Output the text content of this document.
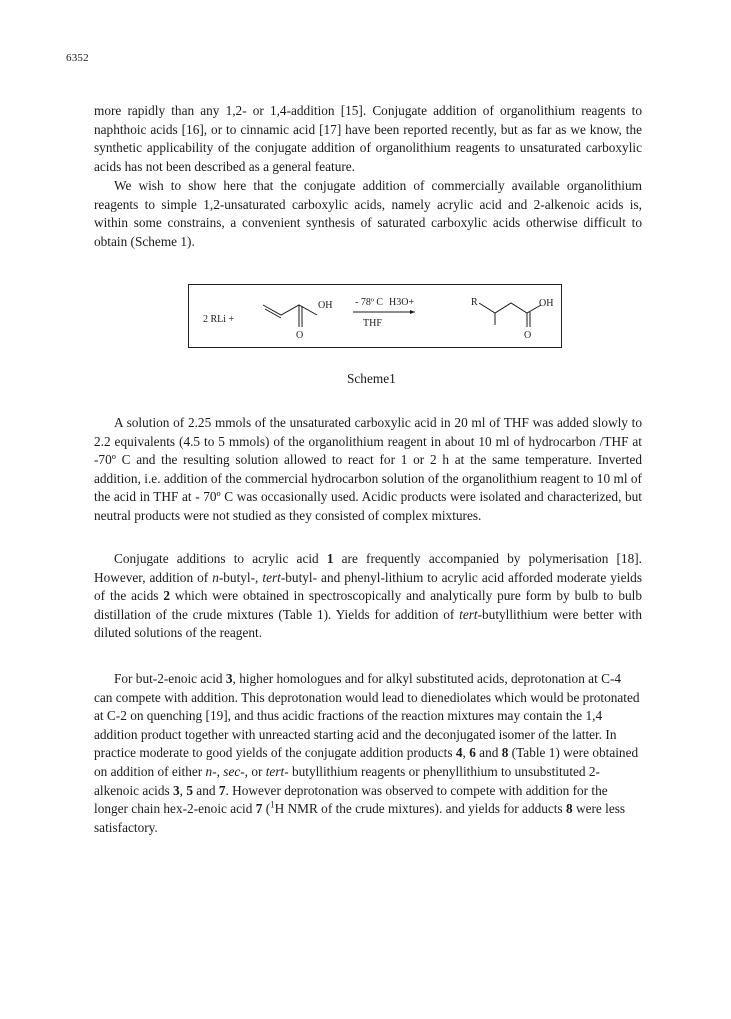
6352

more rapidly than any 1,2- or 1,4-addition [15]. Conjugate addition of organolithium reagents to naphthoic acids [16], or to cinnamic acid [17] have been reported recently, but as far as we know, the synthetic applicability of the conjugate addition of organolithium reagents to unsaturated carboxylic acids has not been described as a general feature.

We wish to show here that the conjugate addition of commercially available organolithium reagents to simple 1,2-unsaturated carboxylic acids, namely acrylic acid and 2-alkenoic acids is, within some constrains, a convenient synthesis of saturated carboxylic acids otherwise difficult to obtain (Scheme 1).

2 RLi +
OH
O
- 78º C H3O+
THF
R	OH
O
Scheme1

A solution of 2.25 mmols of the unsaturated carboxylic acid in 20 ml of THF was added slowly to 2.2 equivalents (4.5 to 5 mmols) of the organolithium reagent in about 10 ml of hydrocarbon /THF at -70º C and the resulting solution allowed to react for 1 or 2 h at the same temperature. Inverted addition, i.e. addition of the commercial hydrocarbon solution of the organolithium reagent to 10 ml of the acid in THF at - 70º C was occasionally used. Acidic products were isolated and characterized, but neutral products were not studied as they consisted of complex mixtures.

Conjugate additions to acrylic acid 1 are frequently accompanied by polymerisation [18]. However, addition of n-butyl-, tert-butyl- and phenyl-lithium to acrylic acid afforded moderate yields of the acids 2 which were obtained in spectroscopically and analytically pure form by bulb to bulb distillation of the crude mixtures (Table 1). Yields for addition of tert-butyllithium were better with diluted solutions of the reagent.

For but-2-enoic acid 3, higher homologues and for alkyl substituted acids, deprotonation at C-4 can compete with addition. This deprotonation would lead to dienediolates which would be protonated at C-2 on quenching [19], and thus acidic fractions of the reaction mixtures may contain the 1,4 addition product together with unreacted starting acid and the deconjugated isomer of the latter. In practice moderate to good yields of the conjugate addition products 4, 6 and 8 (Table 1) were obtained on addition of either n-, sec-, or tert- butyllithium reagents or phenyllithium to unsubstituted 2-alkenoic acids 3, 5 and 7. However deprotonation was observed to compete with addition for the longer chain hex-2-enoic acid 7 ($^1$H NMR of the crude mixtures). and yields for adducts 8 were less satisfactory.
